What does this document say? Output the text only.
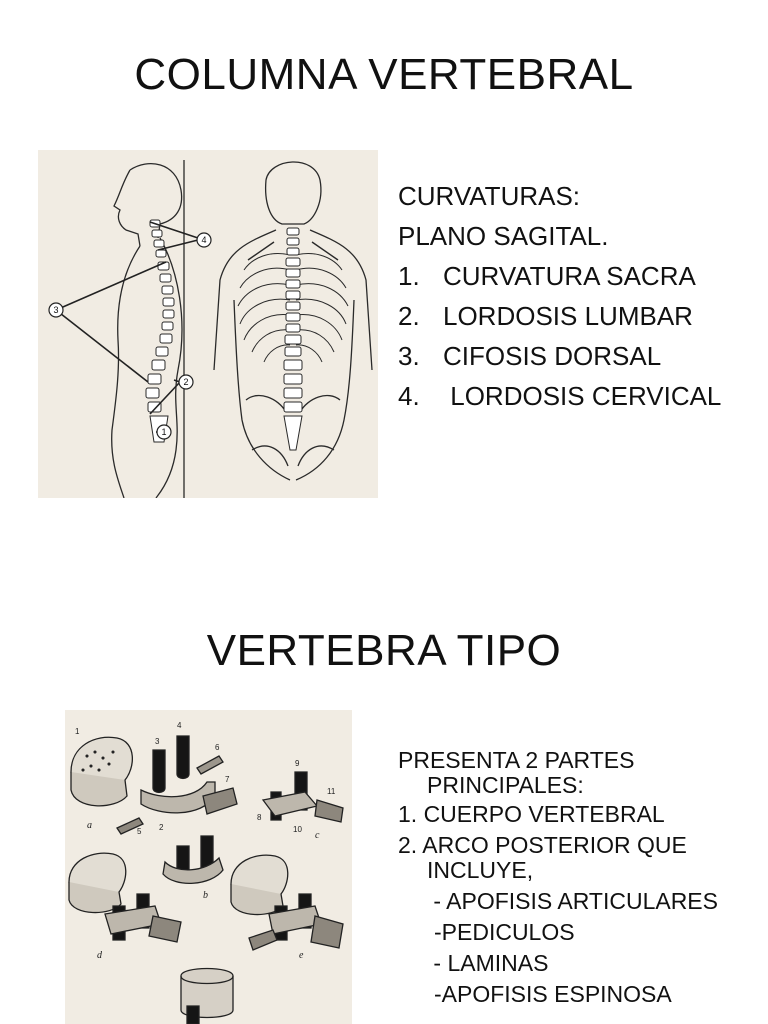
COLUMNA VERTEBRAL
1
2
3
4

CURVATURAS:

PLANO SAGITAL.

1. CURVATURA SACRA
2. LORDOSIS LUMBAR
3. CIFOSIS DORSAL
4. LORDOSIS CERVICAL
VERTEBRA TIPO
1
2
3
4
5
6
7
8
9
10
11
a
b
c
d	e

PRESENTA 2 PARTES PRINCIPALES:

1. CUERPO VERTEBRAL

2. ARCO POSTERIOR QUE INCLUYE,

- APOFISIS ARTICULARES

-PEDICULOS

- LAMINAS

-APOFISIS ESPINOSA
